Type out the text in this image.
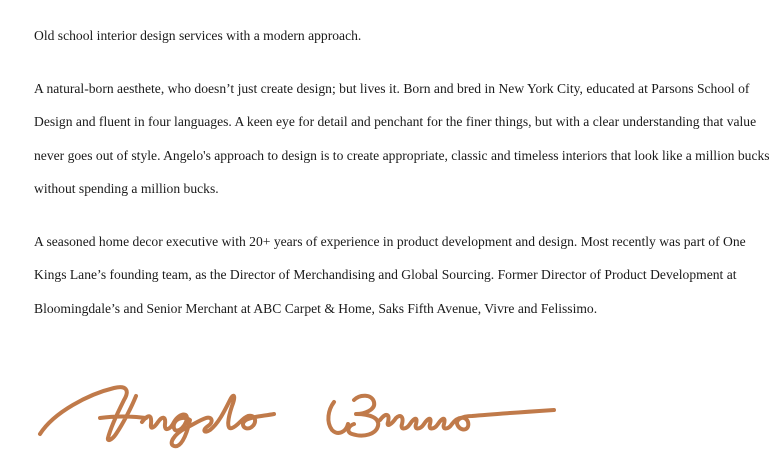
Old school interior design services with a modern approach.

A natural-born aesthete, who doesn’t just create design; but lives it. Born and bred in New York City, educated at Parsons School of Design and fluent in four languages. A keen eye for detail and penchant for the finer things, but with a clear understanding that value never goes out of style. Angelo's approach to design is to create appropriate, classic and timeless interiors that look like a million bucks without spending a million bucks.

A seasoned home decor executive with 20+ years of experience in product development and design. Most recently was part of One Kings Lane’s founding team, as the Director of Merchandising and Global Sourcing. Former Director of Product Development at Bloomingdale’s and Senior Merchant at ABC Carpet & Home, Saks Fifth Avenue, Vivre and Felissimo.
